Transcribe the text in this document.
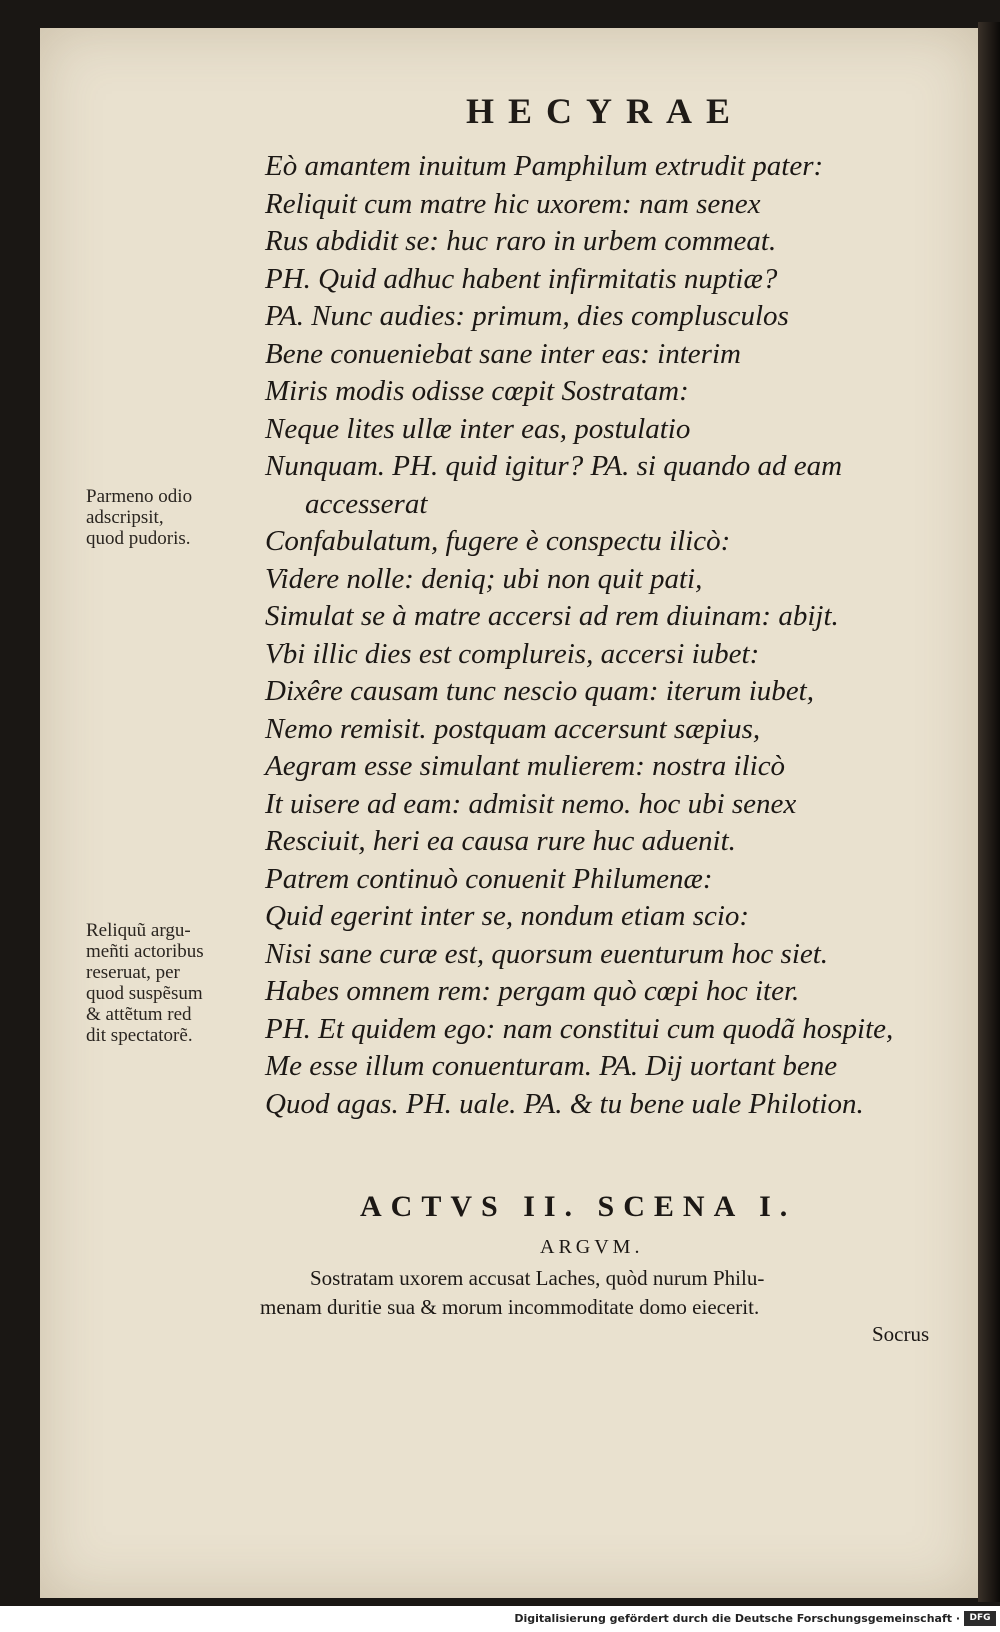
HECYRAE
Eò amantem inuitum Pamphilum extrudit pater:
Reliquit cum matre hic uxorem: nam senex
Rus abdidit se: huc raro in urbem commeat.
PH. Quid adhuc habent infirmitatis nuptiæ?
PA. Nunc audies: primum, dies complusculos
Bene conueniebat sane inter eas: interim
Miris modis odisse cœpit Sostratam:
Neque lites ullæ inter eas, postulatio
Nunquam. PH. quid igitur? PA. si quando ad eam
accesserat
Confabulatum, fugere è conspectu ilicò:
Videre nolle: deniq; ubi non quit pati,
Simulat se à matre accersi ad rem diuinam: abijt.
Vbi illic dies est complureis, accersi iubet:
Dixêre causam tunc nescio quam: iterum iubet,
Nemo remisit. postquam accersunt sæpius,
Aegram esse simulant mulierem: nostra ilicò
It uisere ad eam: admisit nemo. hoc ubi senex
Resciuit, heri ea causa rure huc aduenit.
Patrem continuò conuenit Philumenæ:
Quid egerint inter se, nondum etiam scio:
Nisi sane curæ est, quorsum euenturum hoc siet.
Habes omnem rem: pergam quò cœpi hoc iter.
PH. Et quidem ego: nam constitui cum quodã hospite,
Me esse illum conuenturam. PA. Dij uortant bene
Quod agas. PH. uale. PA. & tu bene uale Philotion.
Parmeno odio
adscripsit,
quod pudoris.
Reliquũ argu-
meñti actoribus
reseruat, per
quod suspẽsum
& attẽtum red
dit spectatorẽ.
ACTVS II. SCENA I.
ARGVM.
Sostratam uxorem accusat Laches, quòd nurum Philu-
menam duritie sua & morum incommoditate domo eiecerit.
Socrus
Digitalisierung gefördert durch die Deutsche Forschungsgemeinschaft ·	DFG
